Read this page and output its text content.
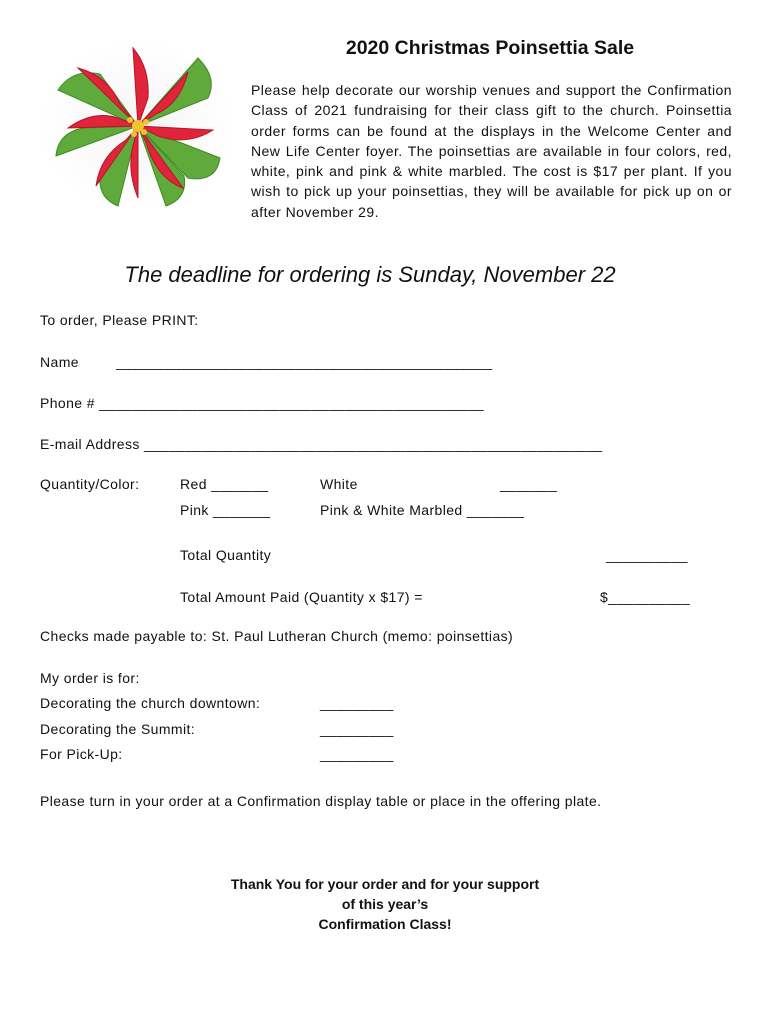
2020 Christmas Poinsettia Sale
Please help decorate our worship venues and support the Confirmation Class of 2021 fundraising for their class gift to the church. Poinsettia order forms can be found at the displays in the Welcome Center and New Life Center foyer. The poinsettias are available in four colors, red, white, pink and pink & white marbled. The cost is $17 per plant. If you wish to pick up your poinsettias, they will be available for pick up on or after November 29.
The deadline for ordering is Sunday, November 22
To order, Please PRINT:
Name	______________________________________________
Phone # _______________________________________________
E-mail Address ________________________________________________________
Quantity/Color:	Red _______	White	_______
Pink _______	Pink & White Marbled _______
Total Quantity	__________
Total Amount Paid (Quantity x $17) =	$__________
Checks made payable to: St. Paul Lutheran Church (memo: poinsettias)
My order is for:
Decorating the church downtown:	_________
Decorating the Summit:	_________
For Pick-Up:	_________
Please turn in your order at a Confirmation display table or place in the offering plate.
Thank You for your order and for your support
of this year’s
Confirmation Class!
